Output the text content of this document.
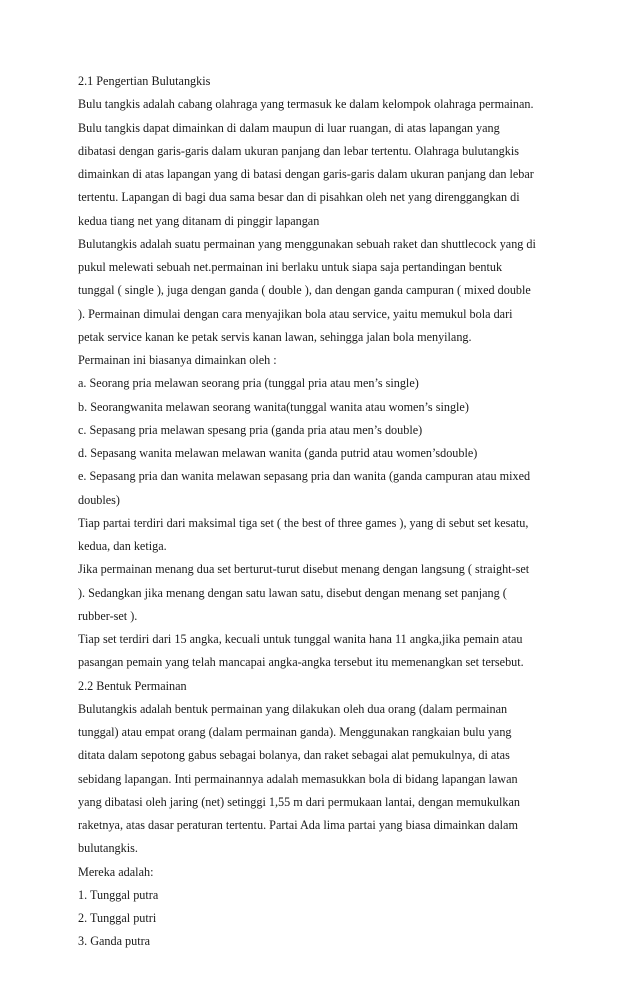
2.1 Pengertian Bulutangkis
Bulu tangkis adalah cabang olahraga yang termasuk ke dalam kelompok olahraga permainan.
Bulu tangkis dapat dimainkan di dalam maupun di luar ruangan, di atas lapangan yang
dibatasi dengan garis-garis dalam ukuran panjang dan lebar tertentu. Olahraga bulutangkis
dimainkan di atas lapangan yang di batasi dengan garis-garis dalam ukuran panjang dan lebar
tertentu. Lapangan di bagi dua sama besar dan di pisahkan oleh net yang direnggangkan di
kedua tiang net yang ditanam di pinggir lapangan
Bulutangkis adalah suatu permainan yang menggunakan sebuah raket dan shuttlecock yang di
pukul melewati sebuah net.permainan ini berlaku untuk siapa saja pertandingan bentuk
tunggal ( single ), juga dengan ganda ( double ), dan dengan ganda campuran ( mixed double
). Permainan dimulai dengan cara menyajikan bola atau service, yaitu memukul bola dari
petak service kanan ke petak servis kanan lawan, sehingga jalan bola menyilang.
Permainan ini biasanya dimainkan oleh :
a. Seorang pria melawan seorang pria (tunggal pria atau men’s single)
b. Seorangwanita melawan seorang wanita(tunggal wanita atau women’s single)
c. Sepasang pria melawan spesang pria (ganda pria atau men’s double)
d. Sepasang wanita melawan melawan wanita (ganda putrid atau women’sdouble)
e. Sepasang pria dan wanita melawan sepasang pria dan wanita (ganda campuran atau mixed
doubles)
Tiap partai terdiri dari maksimal tiga set ( the best of three games ), yang di sebut set kesatu,
kedua, dan ketiga.
Jika permainan menang dua set berturut-turut disebut menang dengan langsung ( straight-set
). Sedangkan jika menang dengan satu lawan satu, disebut dengan menang set panjang (
rubber-set ).
Tiap set terdiri dari 15 angka, kecuali untuk tunggal wanita hana 11 angka,jika pemain atau
pasangan pemain yang telah mancapai angka-angka tersebut itu memenangkan set tersebut.
2.2 Bentuk Permainan
Bulutangkis adalah bentuk permainan yang dilakukan oleh dua orang (dalam permainan
tunggal) atau empat orang (dalam permainan ganda). Menggunakan rangkaian bulu yang
ditata dalam sepotong gabus sebagai bolanya, dan raket sebagai alat pemukulnya, di atas
sebidang lapangan. Inti permainannya adalah memasukkan bola di bidang lapangan lawan
yang dibatasi oleh jaring (net) setinggi 1,55 m dari permukaan lantai, dengan memukulkan
raketnya, atas dasar peraturan tertentu. Partai Ada lima partai yang biasa dimainkan dalam
bulutangkis.
Mereka adalah:
1. Tunggal putra
2. Tunggal putri
3. Ganda putra
